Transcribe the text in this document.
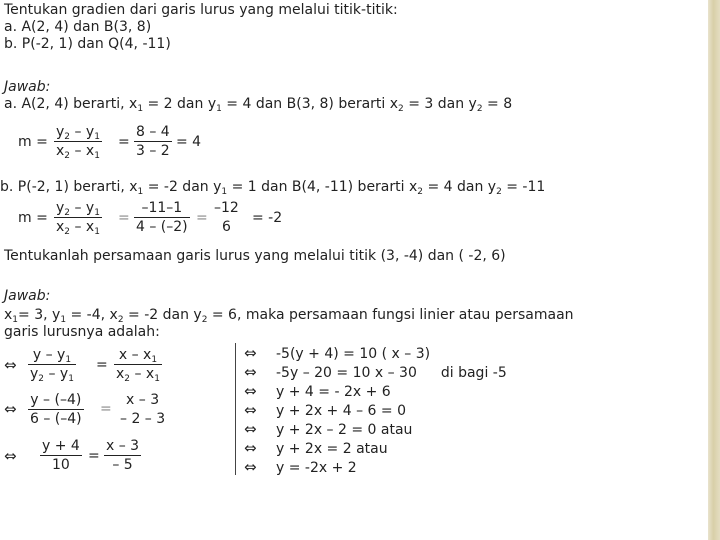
Tentukan gradien dari garis lurus yang melalui titik-titik:
a. A(2, 4) dan B(3, 8)
b. P(-2, 1) dan Q(4, -11)
Jawab:
a. A(2, 4) berarti, $x_1 = 2$ dan $y_1 = 4$ dan B(3, 8) berarti $x_2 = 3$ dan $y_2 = 8$
$m = \frac{y_2 - y_1}{x_2 - x_1} = \frac{8 - 4}{3 - 2} = 4$
b. P(-2, 1) berarti, $x_1 = -2$ dan $y_1 = 1$ dan B(4, -11) berarti $x_2 = 4$ dan $y_2 = -11$
$m = \frac{y_2 - y_1}{x_2 - x_1} = \frac{-11-1}{4 - (-2)}$ =
–12
6
= -2
Tentukanlah persamaan garis lurus yang melalui titik (3, -4) dan ( -2, 6)
Jawab:
$x_1= 3$, $y_1 = -4$, $x_2 = -2$ dan $y_2 = 6$, maka persamaan fungsi linier atau persamaan
garis lurusnya adalah:
⇔ $\frac{y - y_1}{y_2 - y_1} = \frac{x - x_1}{x_2 - x_1}$
⇔ $\frac{y - (-4)}{6 - (-4)}$ =
x – 3
– 2 – 3
⇔ $\frac{y + 4}{10} = \frac{x - 3}{- 5}$
⇔ -5(y + 4) = 10 ( x – 3)
⇔ -5y – 20 = 10 x – 30 di bagi -5
⇔ y + 4 = - 2x + 6
⇔ y + 2x + 4 – 6 = 0
⇔ y + 2x – 2 = 0 atau
⇔ y + 2x = 2 atau
⇔ y = -2x + 2
